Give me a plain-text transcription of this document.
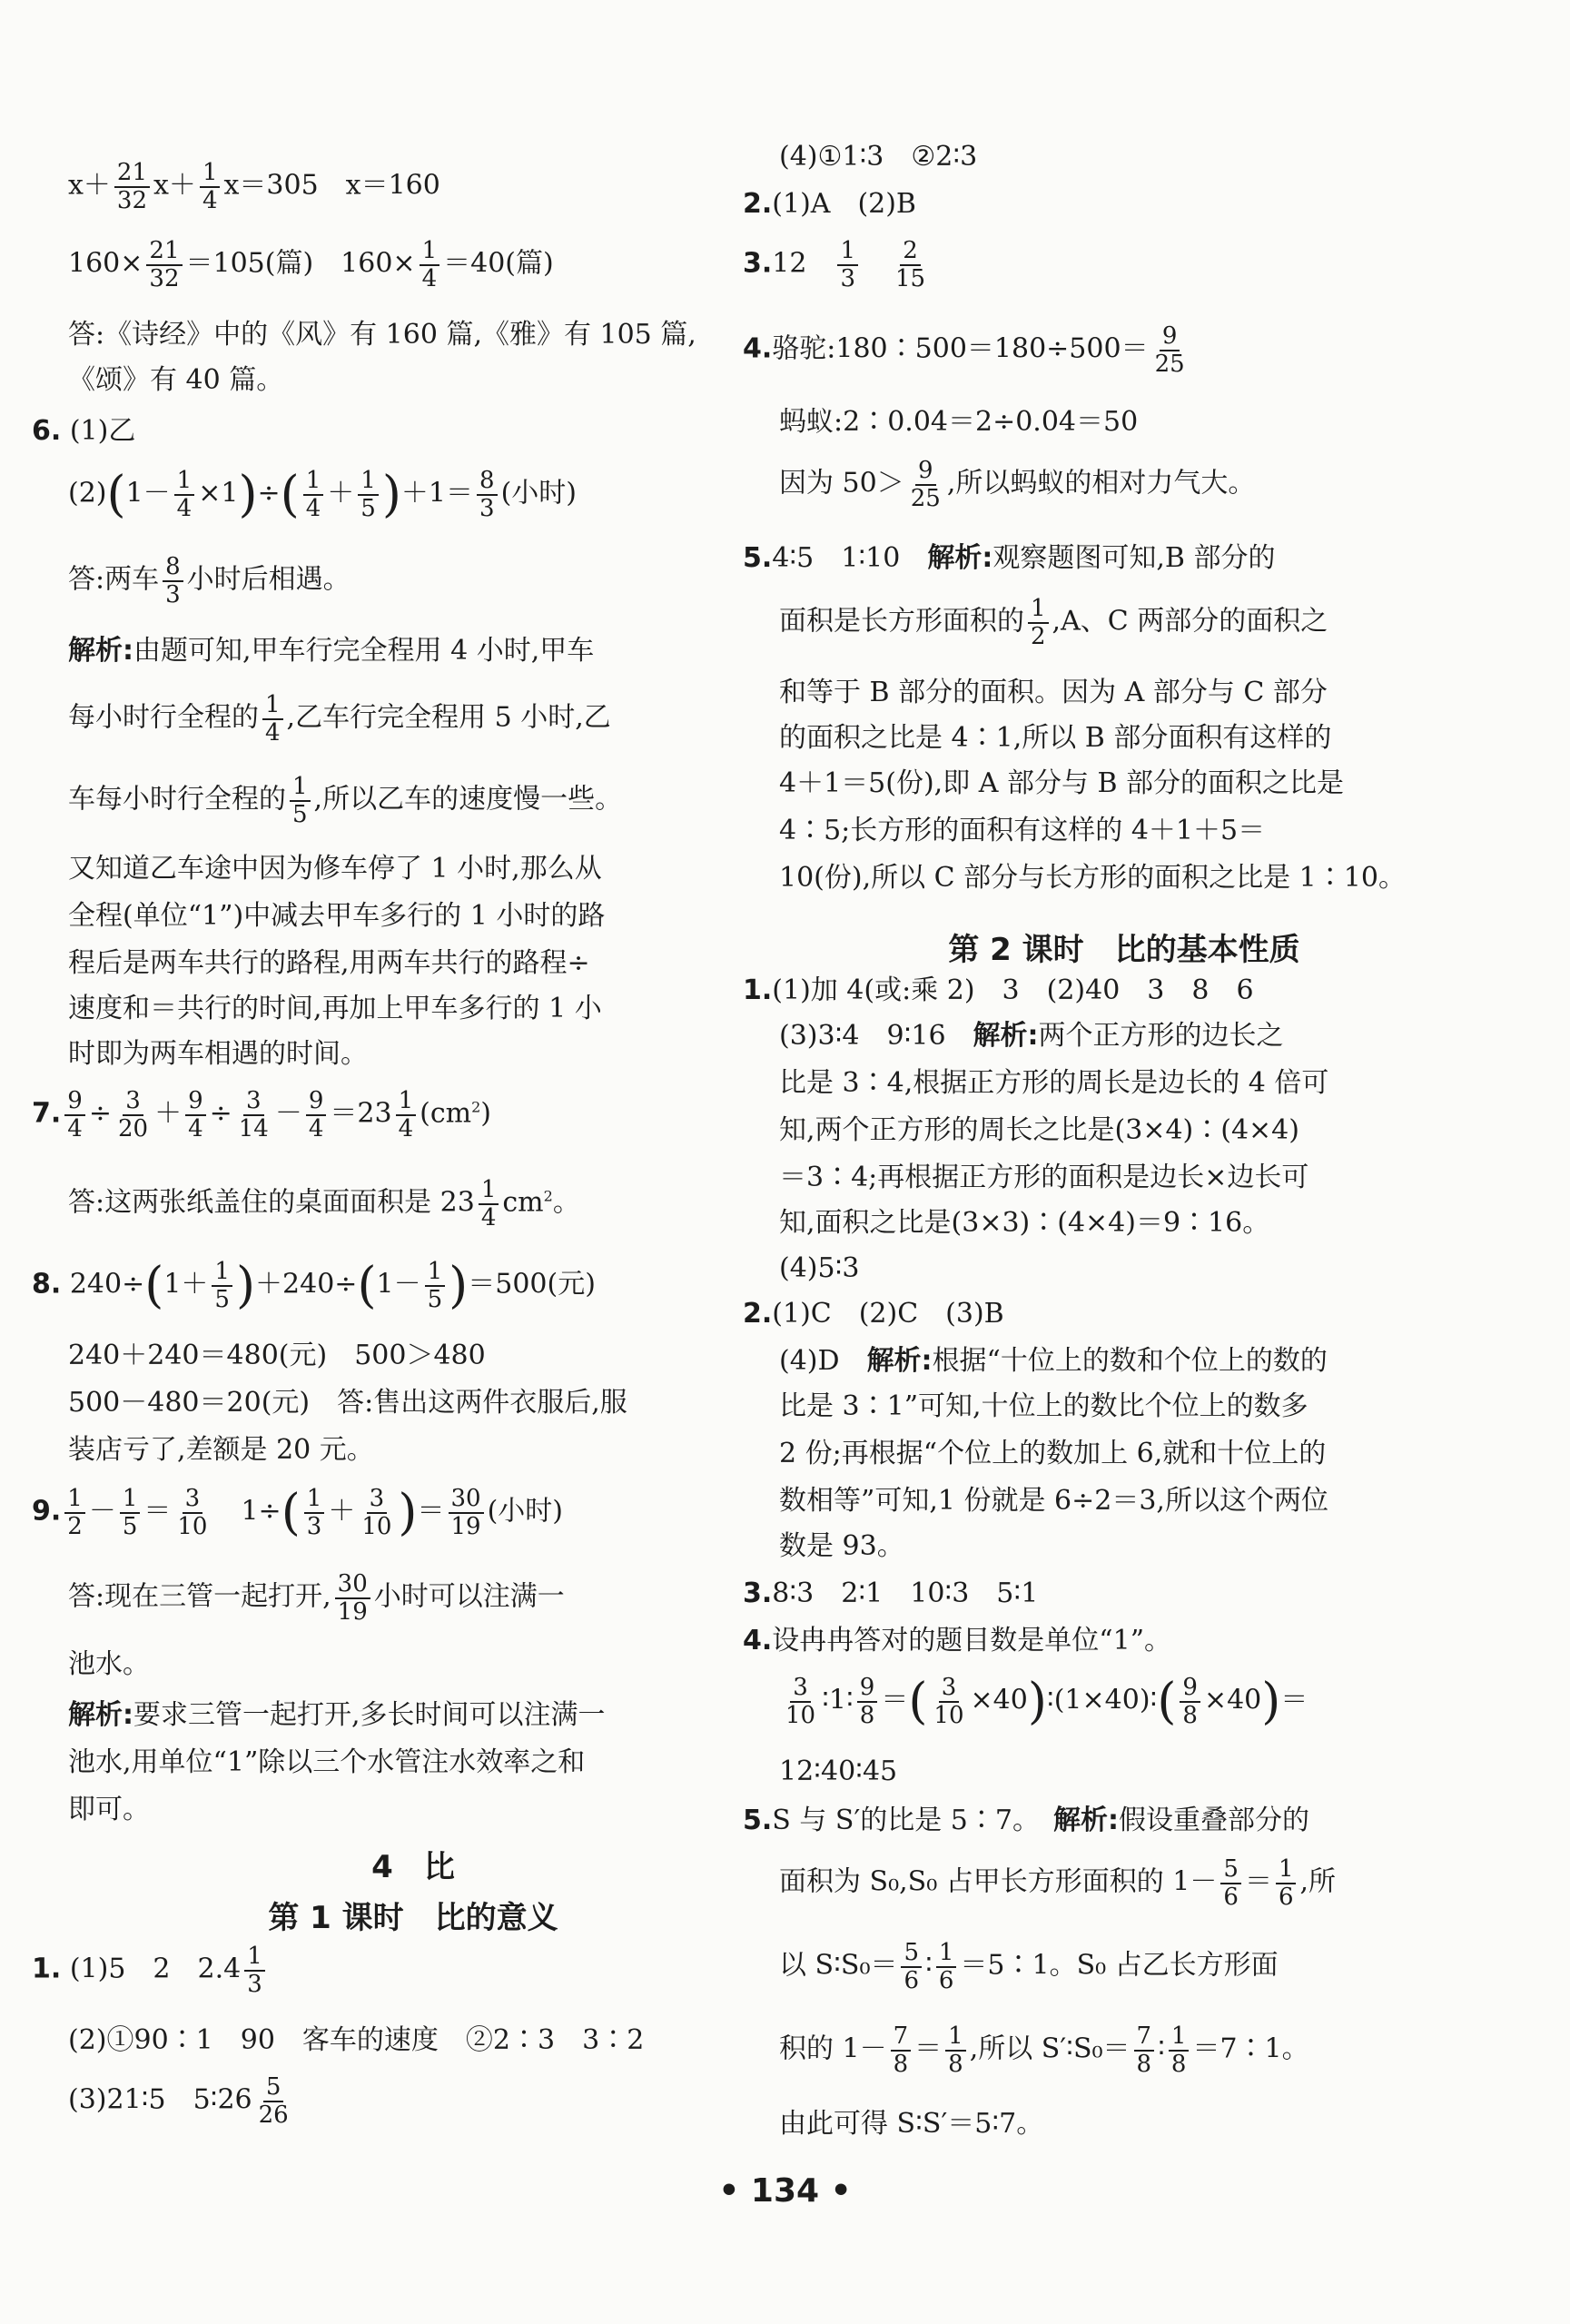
$x+ \frac{21}{32} x+ \frac{1}{4} x=305$　x＝160
$160\times \frac{21}{32} =105$(篇)　$160\times \frac{1}{4} =40$(篇)
答:《诗经》中的《风》有 160 篇,《雅》有 105 篇,
《颂》有 40 篇。
6. (1)乙
$(2)(1- \frac{1}{4} \times 1)\div( \frac{1}{4} + \frac{1}{5} )+1= \frac{8}{3}$ (小时)
答:两车 $\frac{8}{3}$ 小时后相遇。
解析:由题可知,甲车行完全程用 4 小时,甲车
每小时行全程的 $\frac{1}{4}$ ,乙车行完全程用 5 小时,乙
车每小时行全程的 $\frac{1}{5}$ ,所以乙车的速度慢一些。
又知道乙车途中因为修车停了 1 小时,那么从
全程(单位“1”)中减去甲车多行的 1 小时的路
程后是两车共行的路程,用两车共行的路程÷
速度和＝共行的时间,再加上甲车多行的 1 小
时即为两车相遇的时间。
7. $\frac{9}{4} \div \frac{3}{20} + \frac{9}{4} \div \frac{3}{14} - \frac{9}{4} =23 \frac{1}{4} (cm^2)$
答:这两张纸盖住的桌面面积是 $23 \frac{1}{4} cm^2$。
8. $240\div(1+ \frac{1}{5} )+240\div(1- \frac{1}{5} )=500$(元)
240＋240＝480(元)　500＞480
500－480＝20(元)　答:售出这两件衣服后,服
装店亏了,差额是 20 元。
9. $\frac{1}{2} - \frac{1}{5} = \frac{3}{10}$ 　$1\div( \frac{1}{3} + \frac{3}{10}$ )＝ $\frac{30}{19}$ (小时)
答:现在三管一起打开, $\frac{30}{19}$ 小时可以注满一
池水。
解析:要求三管一起打开,多长时间可以注满一
池水,用单位“1”除以三个水管注水效率之和
即可。
4　比
第 1 课时　比的意义
1. (1)5　2　$2.4 \frac{1}{3}$
(2)①90∶1　90　客车的速度　②2∶3　3∶2
(3)21∶5　5∶26 $\frac{5}{26}$
(4)①1∶3　②2∶3
2.(1)A　(2)B
3.12　 $\frac{1}{3}$
　 $\frac{2}{15}$
4.骆驼:180∶500＝180÷500＝ $\frac{9}{25}$
蚂蚁:2∶0.04＝2÷0.04＝50
因为 $50> \frac{9}{25}$ ,所以蚂蚁的相对力气大。
5.4∶5　1∶10　解析:观察题图可知,B 部分的
面积是长方形面积的 $\frac{1}{2} ,A$、C 两部分的面积之
和等于 B 部分的面积。因为 A 部分与 C 部分
的面积之比是 4∶1,所以 B 部分面积有这样的
4＋1＝5(份),即 A 部分与 B 部分的面积之比是
4∶5;长方形的面积有这样的 4＋1＋5＝
10(份),所以 C 部分与长方形的面积之比是 1∶10。
第 2 课时　比的基本性质
1.(1)加 4(或:乘 2)　3　(2)40　3　8　6
(3)3∶4　9∶16　解析:两个正方形的边长之
比是 3∶4,根据正方形的周长是边长的 4 倍可
知,两个正方形的周长之比是(3×4)∶(4×4)
＝3∶4;再根据正方形的面积是边长×边长可
知,面积之比是(3×3)∶(4×4)＝9∶16。
(4)5∶3
2.(1)C　(2)C　(3)B
(4)D　解析:根据“十位上的数和个位上的数的
比是 3∶1”可知,十位上的数比个位上的数多
2 份;再根据“个位上的数加上 6,就和十位上的
数相等”可知,1 份就是 6÷2＝3,所以这个两位
数是 93。
3.8∶3　2∶1　10∶3　5∶1
4.设冉冉答对的题目数是单位“1”。
$\frac{3}{10}$ ∶1∶ $\frac{9}{8}$ ＝( $\frac{3}{10}$ ×40)∶(1×40)∶( $\frac{9}{8} \times 40)=$
12∶40∶45
5.S 与 S′的比是 5∶7。　解析:假设重叠部分的
面积为 S₀,S₀ 占甲长方形面积的 $1- \frac{5}{6} = \frac{1}{6}$ ,所
以 S∶S₀＝ $\frac{5}{6}$ ∶ $\frac{1}{6}$ ＝5∶1。S₀ 占乙长方形面
积的 $1- \frac{7}{8} = \frac{1}{8}$ ,所以 S′∶S₀＝ $\frac{7}{8}$ ∶ $\frac{1}{8}$ ＝7∶1。
由此可得 S∶S′＝5∶7。
• 134 •
